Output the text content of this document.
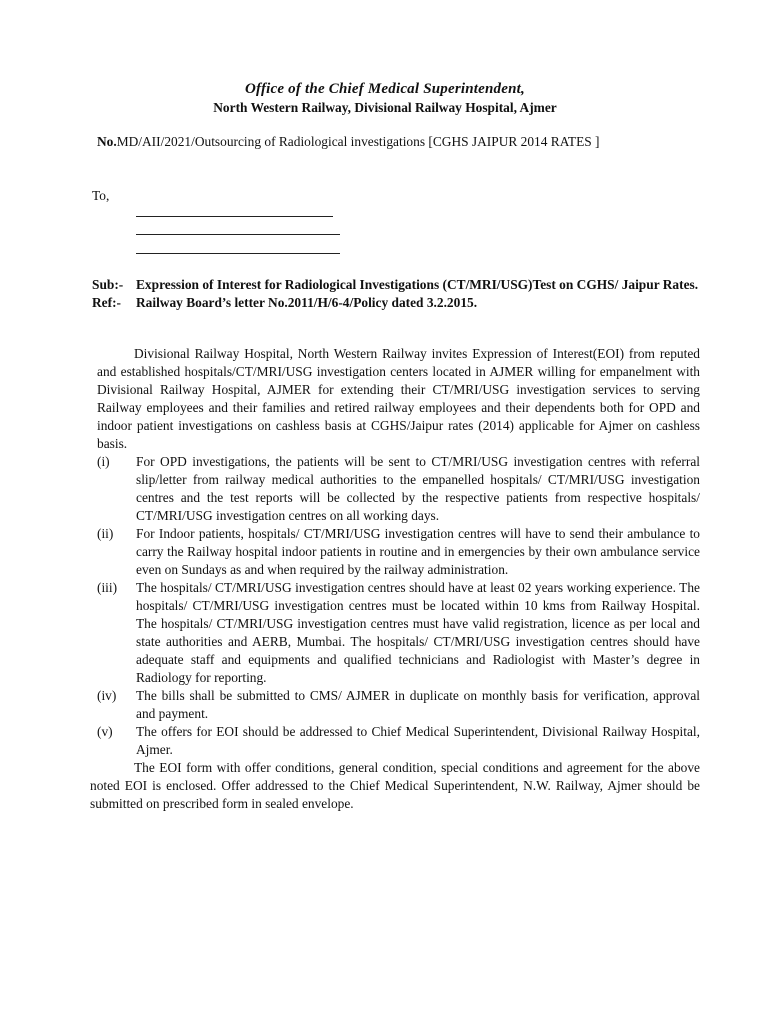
Office of the Chief Medical Superintendent,
North Western Railway, Divisional Railway Hospital, Ajmer
No.MD/AII/2021/Outsourcing of Radiological investigations [CGHS JAIPUR 2014 RATES ]
To,
Sub:- Expression of Interest for Radiological Investigations (CT/MRI/USG)Test on CGHS/ Jaipur Rates.
Ref:-	Railway Board’s letter No.2011/H/6-4/Policy dated 3.2.2015.

Divisional Railway Hospital, North Western Railway invites Expression of Interest(EOI) from reputed and established hospitals/CT/MRI/USG investigation centers located in AJMER willing for empanelment with Divisional Railway Hospital, AJMER for extending their CT/MRI/USG investigation services to serving Railway employees and their families and retired railway employees and their dependents both for OPD and indoor patient investigations on cashless basis at CGHS/Jaipur rates (2014) applicable for Ajmer on cashless basis.

(i)	For OPD investigations, the patients will be sent to CT/MRI/USG investigation centres with referral slip/letter from railway medical authorities to the empanelled hospitals/ CT/MRI/USG investigation centres and the test reports will be collected by the respective patients from respective hospitals/ CT/MRI/USG investigation centres on all working days.
(ii)	For Indoor patients, hospitals/ CT/MRI/USG investigation centres will have to send their ambulance to carry the Railway hospital indoor patients in routine and in emergencies by their own ambulance service even on Sundays as and when required by the railway administration.
(iii)	The hospitals/ CT/MRI/USG investigation centres should have at least 02 years working experience. The hospitals/ CT/MRI/USG investigation centres must be located within 10 kms from Railway Hospital. The hospitals/ CT/MRI/USG investigation centres must have valid registration, licence as per local and state authorities and AERB, Mumbai. The hospitals/ CT/MRI/USG investigation centres should have adequate staff and equipments and qualified technicians and Radiologist with Master’s degree in Radiology for reporting.
(iv)	The bills shall be submitted to CMS/ AJMER in duplicate on monthly basis for verification, approval and payment.
(v)	The offers for EOI should be addressed to Chief Medical Superintendent, Divisional Railway Hospital, Ajmer.

The EOI form with offer conditions, general condition, special conditions and agreement for the above noted EOI is enclosed. Offer addressed to the Chief Medical Superintendent, N.W. Railway, Ajmer should be submitted on prescribed form in sealed envelope.
